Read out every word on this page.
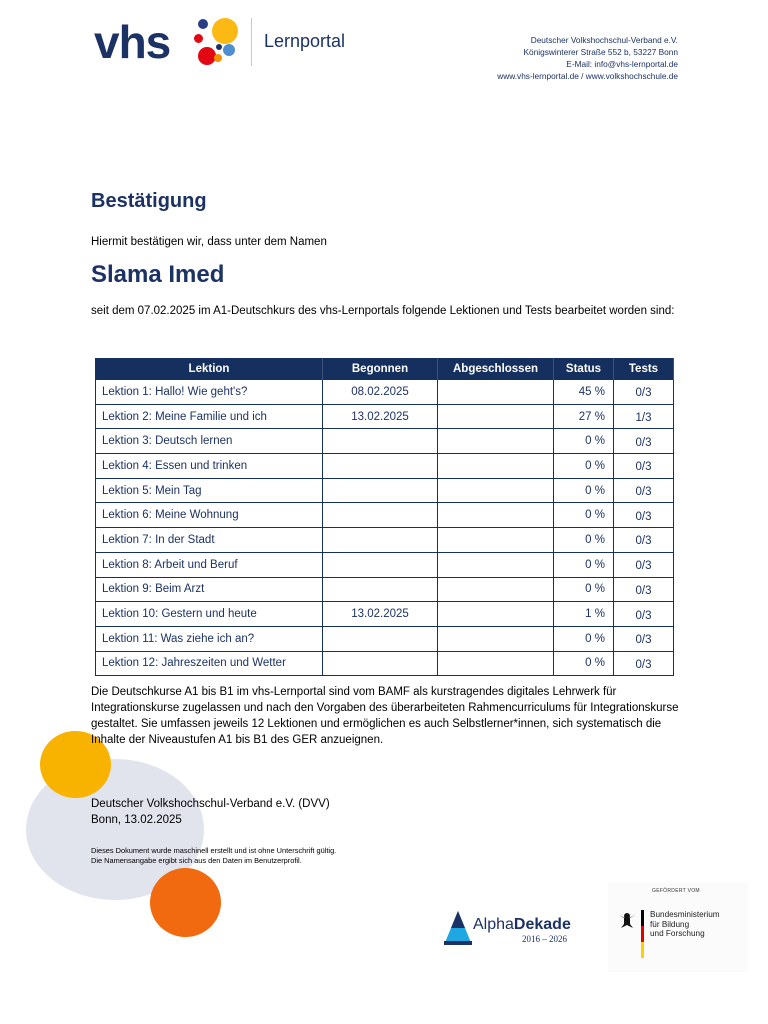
vhs	Lernportal	Deutscher Volkshochschul-Verband e.V.
Königswinterer Straße 552 b, 53227 Bonn
E-Mail: info@vhs-lernportal.de
www.vhs-lernportal.de / www.volkshochschule.de
Bestätigung
Hiermit bestätigen wir, dass unter dem Namen
Slama Imed
seit dem 07.02.2025 im A1-Deutschkurs des vhs-Lernportals folgende Lektionen und Tests bearbeitet worden sind:
Lektion	Begonnen	Abgeschlossen	Status	Tests
Lektion 1: Hallo! Wie geht's?	08.02.2025		45 %	0/3
Lektion 2: Meine Familie und ich	13.02.2025		27 %	1/3
Lektion 3: Deutsch lernen			0 %	0/3
Lektion 4: Essen und trinken			0 %	0/3
Lektion 5: Mein Tag			0 %	0/3
Lektion 6: Meine Wohnung			0 %	0/3
Lektion 7: In der Stadt			0 %	0/3
Lektion 8: Arbeit und Beruf			0 %	0/3
Lektion 9: Beim Arzt			0 %	0/3
Lektion 10: Gestern und heute	13.02.2025		1 %	0/3
Lektion 11: Was ziehe ich an?			0 %	0/3
Lektion 12: Jahreszeiten und Wetter			0 %	0/3
Die Deutschkurse A1 bis B1 im vhs-Lernportal sind vom BAMF als kurstragendes digitales Lehrwerk für Integrationskurse zugelassen und nach den Vorgaben des überarbeiteten Rahmencurriculums für Integrationskurse gestaltet. Sie umfassen jeweils 12 Lektionen und ermöglichen es auch Selbstlerner*innen, sich systematisch die Inhalte der Niveaustufen A1 bis B1 des GER anzueignen.
Deutscher Volkshochschul-Verband e.V. (DVV)
Bonn, 13.02.2025
Dieses Dokument wurde maschinell erstellt und ist ohne Unterschrift gültig.
Die Namensangabe ergibt sich aus den Daten im Benutzerprofil.
AlphaDekade
2016 – 2026
GEFÖRDERT VOM
Bundesministerium
für Bildung
und Forschung
